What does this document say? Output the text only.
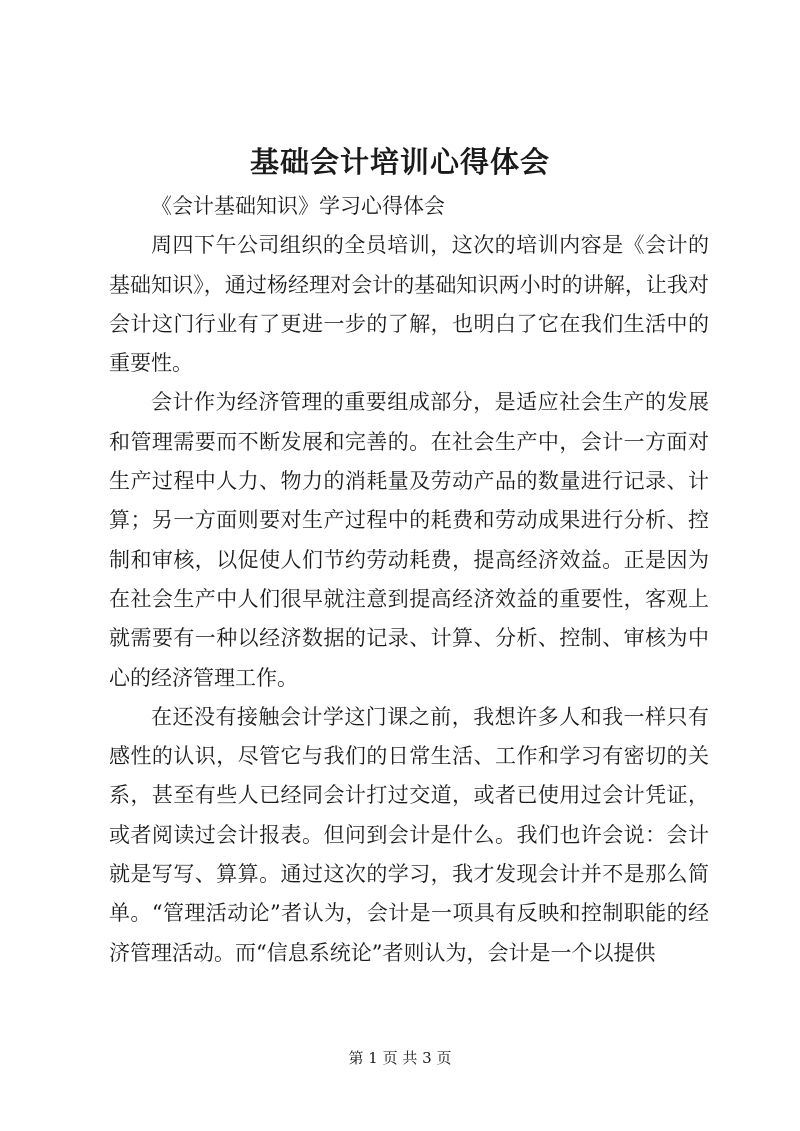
基础会计培训心得体会

《会计基础知识》学习心得体会

周四下午公司组织的全员培训，这次的培训内容是《会计的基础知识》，通过杨经理对会计的基础知识两小时的讲解，让我对会计这门行业有了更进一步的了解，也明白了它在我们生活中的重要性。

会计作为经济管理的重要组成部分，是适应社会生产的发展和管理需要而不断发展和完善的。在社会生产中，会计一方面对生产过程中人力、物力的消耗量及劳动产品的数量进行记录、计算；另一方面则要对生产过程中的耗费和劳动成果进行分析、控制和审核，以促使人们节约劳动耗费，提高经济效益。正是因为在社会生产中人们很早就注意到提高经济效益的重要性，客观上就需要有一种以经济数据的记录、计算、分析、控制、审核为中心的经济管理工作。

在还没有接触会计学这门课之前，我想许多人和我一样只有感性的认识，尽管它与我们的日常生活、工作和学习有密切的关系，甚至有些人已经同会计打过交道，或者已使用过会计凭证，或者阅读过会计报表。但问到会计是什么。我们也许会说：会计就是写写、算算。通过这次的学习，我才发现会计并不是那么简单。“管理活动论”者认为，会计是一项具有反映和控制职能的经济管理活动。而“信息系统论”者则认为，会计是一个以提供

第 1 页 共 3 页
